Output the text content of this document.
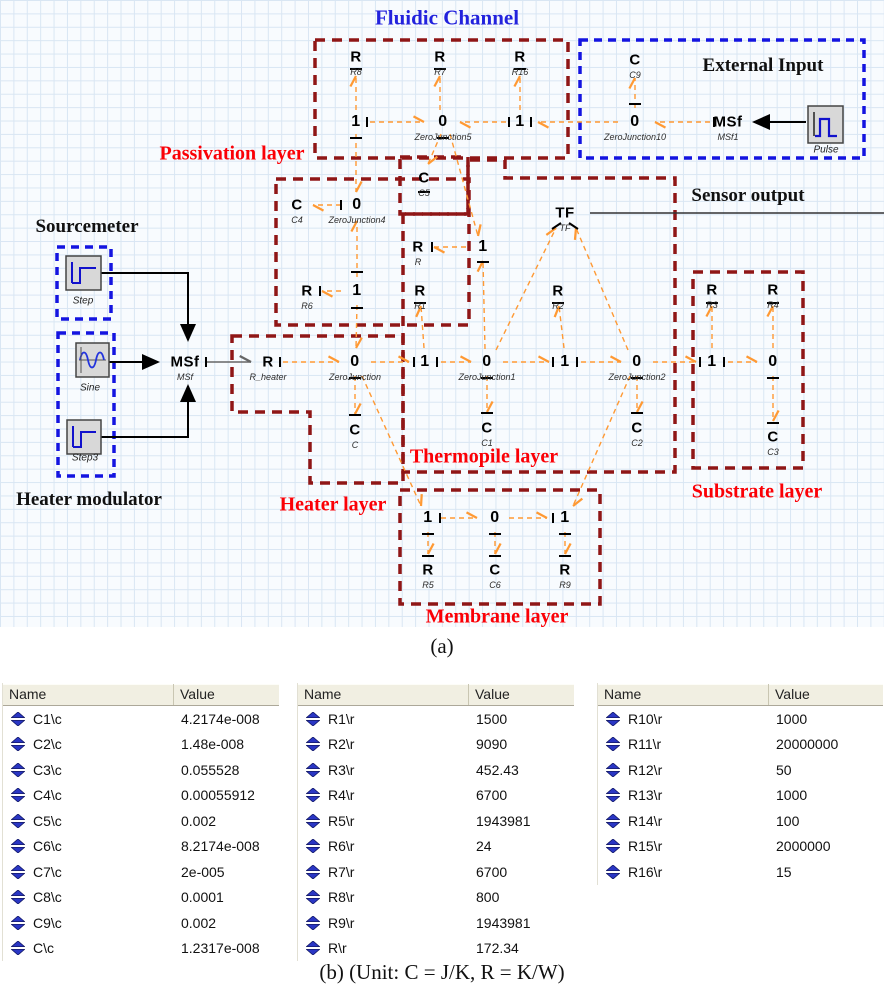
R
R8
R
R7
R
R16
1	0
ZeroJunction5
1
C
C9
0
ZeroJunction10
MSf
MSf1
C
C4
0
ZeroJunction4
C
C5
R
R6
1
TF
TF
R
R
1
R
R1
R
R2
MSf
MSf
R
R_heater
0
ZeroJunction
1	0
ZeroJunction1
1	0
ZeroJunction2
1	0
C
C
C
C1
C
C2
R
R3
R
R4
C
C3
1	0	1
R
R5
C
C6
R
R9
Fluidic Channel
External Input
Passivation layer
Sourcemeter
Sensor output
Heater modulator	Heater layer
Thermopile layer
Membrane layer
Substrate layer
Step
Sine
Step3
Pulse
(a)
Name	Value
C1\c	4.2174e-008
C2\c	1.48e-008
C3\c	0.055528
C4\c	0.00055912
C5\c	0.002
C6\c	8.2174e-008
C7\c	2e-005
C8\c	0.0001
C9\c	0.002
C\c	1.2317e-008
Name	Value
R1\r	1500
R2\r	9090
R3\r	452.43
R4\r	6700
R5\r	1943981
R6\r	24
R7\r	6700
R8\r	800
R9\r	1943981
R\r	172.34
Name	Value
R10\r	1000
R11\r	20000000
R12\r	50
R13\r	1000
R14\r	100
R15\r	2000000
R16\r	15
(b) (Unit: C = J/K, R = K/W)
